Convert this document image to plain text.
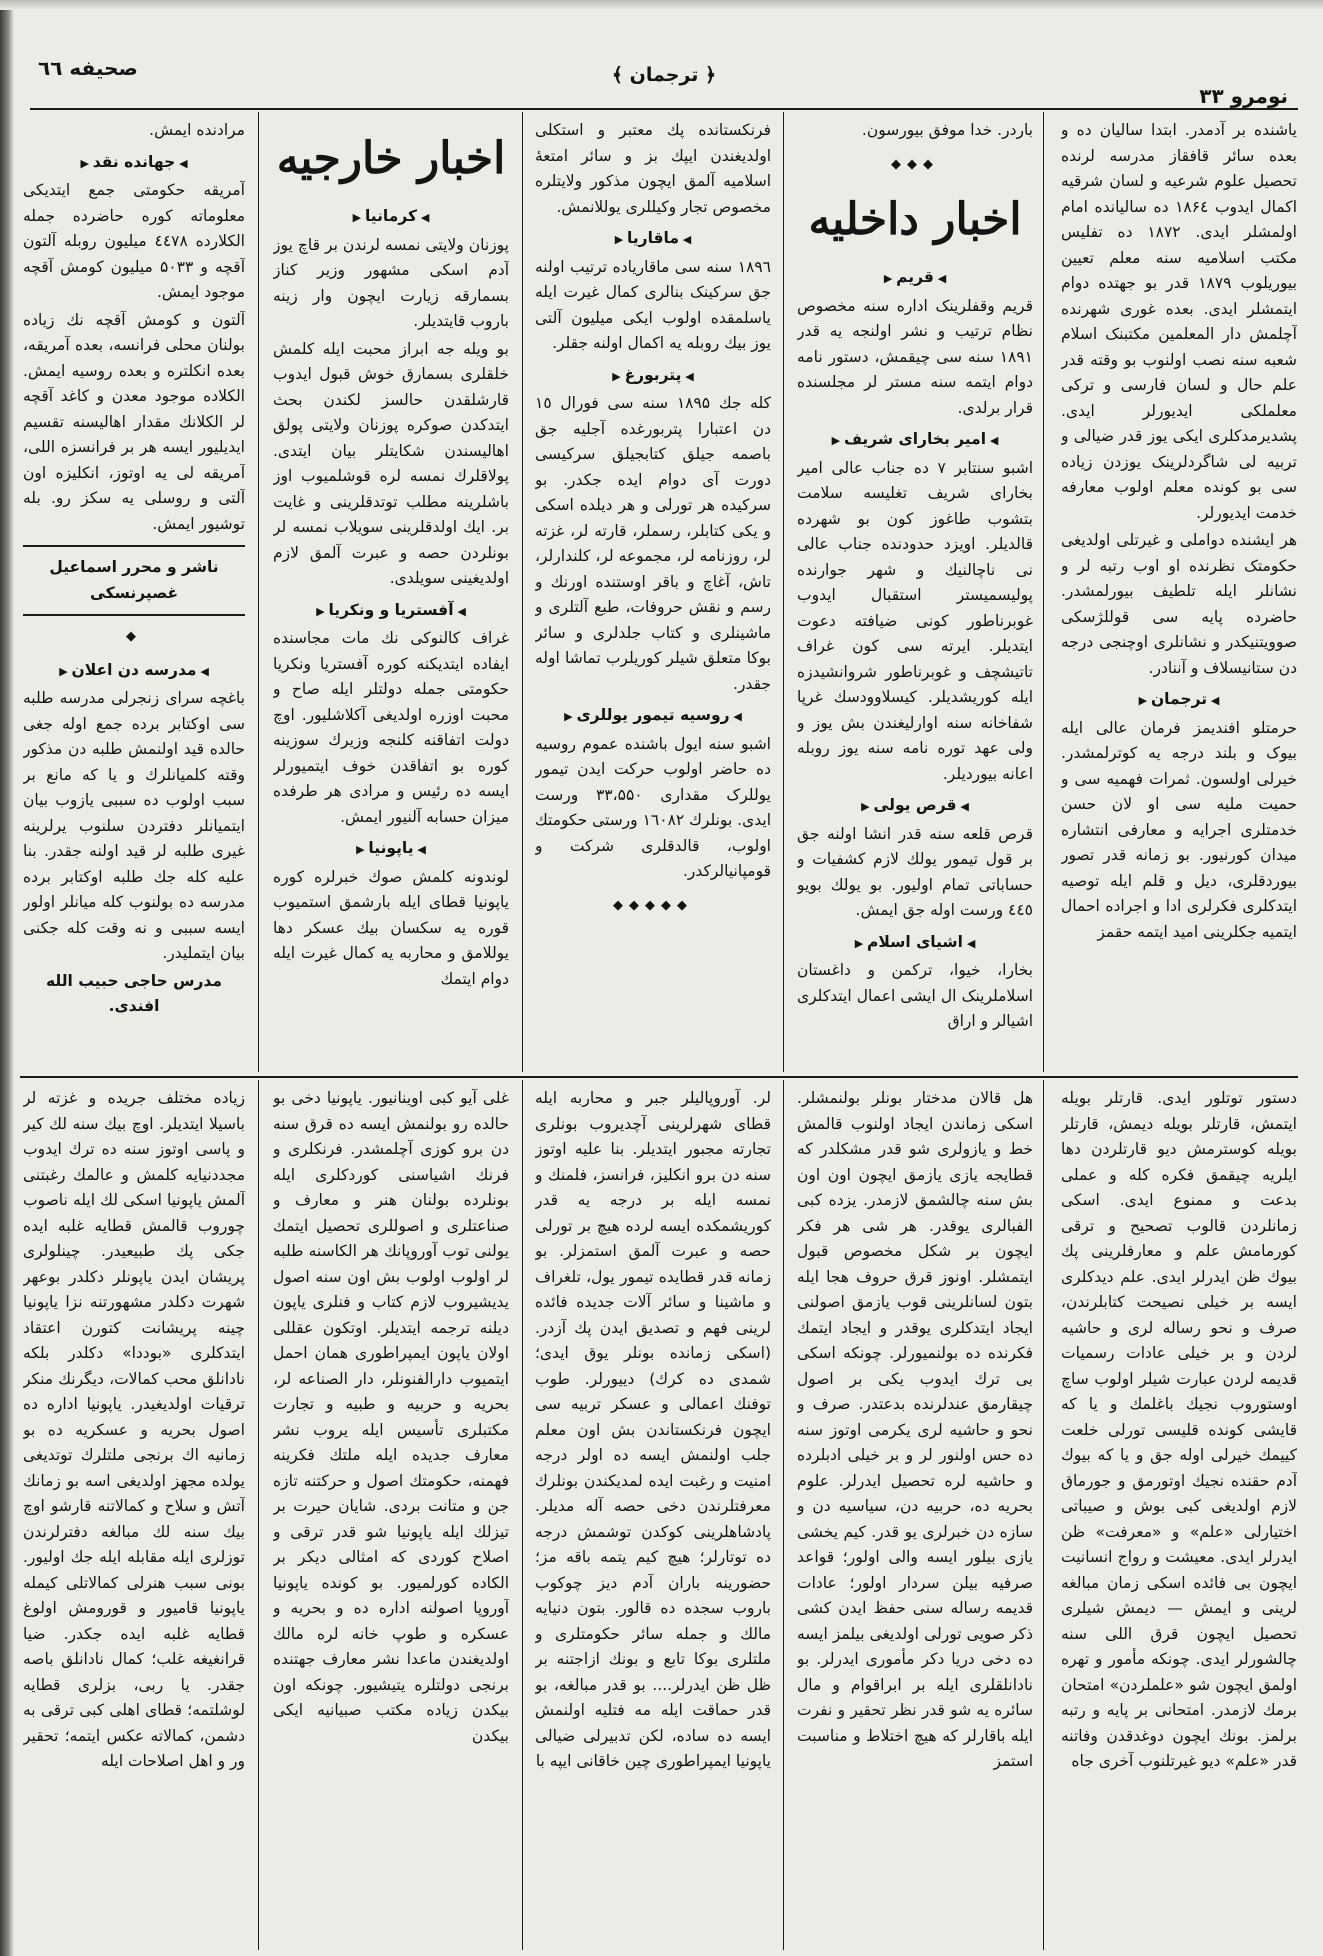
نومرو ۳۳
﴿ ترجمان ﴾
صحیفه ٦٦

یاشنده بر آدمدر. ابتدا سالیان ده و بعده سائر قافقاز مدرسه لرنده تحصیل علوم شرعیه و لسان شرقیه اکمال ایدوب ۱۸۶٤ ده سالیانده امام اولمشلر ایدی. ۱۸۷۲ ده تفلیس مکتب اسلامیه سنه معلم تعیین بیوریلوب ۱۸۷۹ قدر بو جهتده دوام ایتمشلر ایدی. بعده غوری شهرنده آچلمش دار المعلمین مکتبنک اسلام شعبه سنه نصب اولنوب بو وقته قدر علم حال و لسان فارسی و ترکی معلملکی ایدیورلر ایدی. پشدیرمدکلری ایکی یوز قدر ضیالی و تربیه لی شاگردلرینک یوزدن زیاده سی بو کونده معلم اولوب معارفه خدمت ایدیورلر.

هر ایشنده دواملی و غیرتلی اولدیغی حکومتک نظرنده او اوب رتبه لر و نشانلر ایله تلطیف بیورلمشدر. حاضرده پایه سی قوللژسکی صوویتنیکدر و نشانلری اوچنجی درجه دن ستانیسلاف و آننادر.

◀ ترجمان ▶

حرمتلو افندیمز فرمان عالی ایله بیوک و بلند درجه یه کوترلمشدر. خیرلی اولسون. ثمرات فهمیه سی و حمیت ملیه سی او لان حسن خدمتلری اجرایه و معارفی انتشاره میدان کورنیور. بو زمانه قدر تصور بیوردقلری، دیل و قلم ایله توصیه ایتدکلری فکرلری ادا و اجراده احمال ایتمیه جکلرینی امید ایتمه حقمز

باردر. خدا موفق بیورسون.

◆◆◆
اخبار داخلیه
◀ قریم ▶

قریم وقفلرینک اداره سنه مخصوص نظام ترتیب و نشر اولنجه یه قدر ۱۸۹۱ سنه سی چیقمش، دستور نامه دوام ایتمه سنه مستر لر مجلسنده قرار برلدی.

◀ امیر بخارای شریف ▶

اشبو سنتابر ۷ ده جناب عالی امیر بخارای شریف تغلیسه سلامت بتشوب طاغوز کون بو شهرده قالدیلر. اویزد حدودنده جناب عالی نی ناچالنیك و شهر جوارنده پولیسمیستر استقبال ایدوب غوبرناطور کونی ضیافته دعوت ایتدیلر. ایرته سی کون غراف تاتیشچف و غوبرناطور شروانشیدزه ایله کوریشدیلر. کیسلاوودسك غرپا شفاخانه سنه اوارلیغندن بش یوز و ولی عهد توره نامه سنه یوز روبله اعانه بیوردیلر.

◀ قرص یولی ▶

قرص قلعه سنه قدر انشا اولنه جق بر قول تیمور یولك لازم کشفیات و حساباتی تمام اولیور. بو یولك بویو ٤٤٥ ورست اوله جق ایمش.

◀ اشیای اسلام ▶

بخارا، خیوا، ترکمن و داغستان اسلاملرینک ال ایشی اعمال ایتدکلری اشیالر و اراق

فرنکستانده پك معتبر و استکلی اولدیغندن ایپك بز و سائر امتعهٔ اسلامیه آلمق ایچون مذکور ولایتلره مخصوص تجار وکیللری یوللانمش.

◀ ماقاریا ▶

۱۸۹٦ سنه سی ماقاریاده ترتیب اولنه جق سرکینک بنالری کمال غیرت ایله یاسلمقده اولوب ایکی میلیون آلتی یوز بیك روبله یه اکمال اولنه جقلر.

◀ پتربورغ ▶

کله جك ۱۸۹۵ سنه سی فورال ١٥ دن اعتبارا پتربورغده آجلیه جق باصمه جیلق کتابجیلق سرکیسی دورت آی دوام ایده جکدر. بو سرکیده هر تورلی و هر دیلده اسکی و یکی کتابلر، رسملر، قارته لر، غزته لر، روزنامه لر، مجموعه لر، کلندارلر، تاش، آغاچ و باقر اوستنده اورنك و رسم و نقش حروفات، طبع آلتلری و ماشینلری و کتاب جلدلری و سائر بوکا متعلق شیلر کوریلرب تماشا اوله جقدر.

◀ روسیه تیمور یوللری ▶

اشبو سنه ایول باشنده عموم روسیه ده حاضر اولوب حرکت ایدن تیمور یوللرک مقداری ۳۳،۵۵۰ ورست ایدی. بونلرك ۱٦۰۸۲ ورستی حکومتك اولوب، قالدقلری شرکت و قومپانیالرکدر.

◆◆◆◆◆
اخبار خارجیه
◀ کرمانیا ▶

پوزنان ولایتی نمسه لرندن بر قاچ یوز آدم اسکی مشهور وزیر کناز بسمارقه زیارت ایچون وار زینه باروب قایتدیلر.

بو ویله جه ابراز محبت ایله کلمش خلقلری بسمارق خوش قبول ایدوب قارشلقدن حالسز لکندن بحث ایتدکدن صوکره پوزنان ولایتی پولق اهالیسندن شکایتلر بیان ایتدی. پولاقلرك نمسه لره قوشلمیوب اوز باشلرینه مطلب توتدقلرینی و غایت بر. ایك اولدقلرینی سویلاب نمسه لر بونلردن حصه و عبرت آلمق لازم اولدیغینی سویلدی.

◀ آفستریا و ونکریا ▶

غراف کالنوکی نك مات مجاسنده ایفاده ایتدیکنه کوره آفستریا ونکریا حکومتی جمله دولتلر ایله صاح و محبت اوزره اولدیغی آکلاشلیور. اوچ دولت اتفاقنه کلنجه وزیرك سوزینه کوره بو اتفاقدن خوف ایتمیورلر ایسه ده رئیس و مرادی هر طرفده میزان حسابه آلنیور ایمش.

◀ یاپونیا ▶

لوندونه کلمش صوك خبرلره کوره یاپونیا قطای ایله بارشمق استمیوب قوره یه سکسان بیك عسکر دها یوللامق و محاربه یه کمال غیرت ایله دوام ایتمك

مرادنده ایمش.

◀ جهانده نقد ▶

آمریقه حکومتی جمع ایتدیکی معلوماته کوره حاضرده جمله الکلارده ٤٤۷۸ میلیون روبله آلتون آقچه و ۵۰۳۳ میلیون کومش آقچه موجود ایمش.

آلتون و کومش آقچه نك زیاده بولنان محلی فرانسه، بعده آمریقه، بعده انکلتره و بعده روسیه ایمش. الکلاده موجود معدن و کاغد آقچه لر الکلانك مقدار اهالیسنه تقسیم ایدیلیور ایسه هر بر فرانسزه اللی، آمریقه لی یه اوتوز، انکلیزه اون آلتی و روسلی یه سکز رو. بله توشیور ایمش.

ناشر و محرر اسماعیل غصپرنسکی
◆
◀ مدرسه دن اعلان ▶

باغچه سرای زنجرلی مدرسه طلبه سی اوکتابر برده جمع اوله جغی حالده قید اولنمش طلبه دن مذکور وقته کلمیانلرك و یا که مانع بر سبب اولوب ده سببی یازوب بیان ایتمیانلر دفتردن سلنوب یرلرینه غیری طلبه لر قید اولنه جقدر. بنا علیه کله جك طلبه اوکتابر برده مدرسه ده بولنوب کله میانلر اولور ایسه سببی و نه وقت کله جکنی بیان ایتملیدر.

مدرس حاجی حبیب الله افندی.

دستور توتلور ایدی. قارتلر بویله ایتمش، قارتلر بویله دیمش، قارتلر بویله کوسترمش دیو قارتلردن دها ایلریه چیقمق فکره کله و عملی بدعت و ممنوع ایدی. اسکی زمانلردن قالوب تصحیح و ترقی کورمامش علم و معارفلرینی پك بیوك ظن ایدرلر ایدی. علم دیدکلری ایسه بر خیلی نصیحت کتابلرندن، صرف و نحو رساله لری و حاشیه لردن و بر خیلی عادات رسمیات قدیمه لردن عبارت شیلر اولوب ساچ اوستوروب نجیك باغلمك و یا که قایشی کونده قلیسی تورلی خلعت کییمك خیرلی اوله جق و یا که بیوك آدم حقنده نجیك اوتورمق و جورماق لازم اولدیغی کبی بوش و صیباتی اختیارلی «علم» و «معرفت» ظن ایدرلر ایدی. معیشت و رواج انسانیت ایچون بی فائده اسکی زمان مبالغه لرینی و ایمش — دیمش شیلری تحصیل ایچون قرق اللی سنه چالشورلر ایدی. چونکه مأمور و تهره اولمق ایچون شو «علملردن» امتحان برمك لازمدر. امتحانی بر پایه و رتبه برلمز. بونك ایچون دوغدقدن وفاتنه قدر «علم» دیو غیرتلنوب آخری جاه

هل قالان مدختار بونلر بولنمشلر. اسکی زماندن ایجاد اولنوب قالمش خط و یازولری شو قدر مشکلدر که قطایجه یازی یازمق ایچون اون اون بش سنه چالشمق لازمدر. یزده کبی الفبالری یوقدر. هر شی هر فکر ایچون بر شکل مخصوص قبول ایتمشلر. اونوز قرق حروف هجا ایله بتون لسانلرینی قوب یازمق اصولنی ایجاد ایتدکلری یوقدر و ایجاد ایتمك فکرنده ده بولنمیورلر. چونکه اسکی بی ترك ایدوب یکی بر اصول چیقارمق عندلرنده بدعتدر. صرف و نحو و حاشیه لری یکرمی اوتوز سنه ده حس اولنور لر و بر خیلی ادبلرده و حاشیه لره تحصیل ایدرلر. علوم بحریه ده، حربیه دن، سیاسیه دن و سازه دن خبرلری یو قدر. کیم یخشی یازی بیلور ایسه والی اولور؛ قواعد صرفیه بیلن سردار اولور؛ عادات قدیمه رساله سنی حفظ ایدن کشی ذکر صویی تورلی اولدیغی بیلمز ایسه ده دخی دریا دکر مأموری ایدرلر. بو نادانلقلری ایله بر ابراقوام و مال سائره یه شو قدر نظر تحقیر و نفرت ایله باقارلر که هیچ اختلاط و مناسبت استمز

لر. آوروپالیلر جبر و محاربه ایله قطای شهرلرینی آچدیروب بونلری تجارته مجبور ایتدیلر. بنا علیه اوتوز سنه دن برو انکلیز، فرانسز، فلمنك و نمسه ایله بر درجه یه قدر کوریشمکده ایسه لرده هیچ بر تورلی حصه و عبرت آلمق استمزلر. بو زمانه قدر قطایده تیمور یول، تلغراف و ماشینا و سائر آلات جدیده فائده لرینی فهم و تصدیق ایدن پك آزدر. (اسکی زمانده بونلر یوق ایدی؛ شمدی ده کرك) دییورلر. طوب توفنك اعمالی و عسکر تربیه سی ایچون فرنکستاندن بش اون معلم جلب اولنمش ایسه ده اولر درجه امنیت و رغبت ایده لمدیکندن بونلرك معرفتلرندن دخی حصه آله مدیلر. پادشاهلرینی کوکدن توشمش درجه ده توتارلر؛ هیچ کیم یتمه باقه مز؛ حضورینه باران آدم دیز چوکوب باروب سجده ده قالور. بتون دنیایه مالك و جمله سائر حکومتلری و ملتلری بوکا تابع و بونك ازاجتنه بر ظل ظن ایدرلر.... بو قدر مبالغه، بو قدر حماقت ایله مه فتلیه اولنمش ایسه ده ساده، لکن تدبیرلی ضیالی یاپونیا ایمپراطوری چین خاقانی ایپه با

غلی آیو کبی اوینانیور. یاپونیا دخی بو حالده رو بولنمش ایسه ده قرق سنه دن برو کوزی آچلمشدر. فرنکلری و فرنك اشیاسنی کوردکلری ایله بونلرده بولنان هنر و معارف و صناعتلری و اصوللری تحصیل ایتمك یولنی توب آوروپانك هر الکاسنه طلبه لر اولوب اولوب بش اون سنه اصول یدیشیروب لازم کتاب و فنلری یاپون دیلنه ترجمه ایتدیلر. اوتکون عقللی اولان یاپون ایمپراطوری همان احمل ایتمیوب دارالفنونلر، دار الصناعه لر، بحریه و حربیه و طبیه و تجارت مکتبلری تأسیس ایله یروب نشر معارف جدیده ایله ملتك فکرینه فهمنه، حکومتك اصول و حرکتنه تازه جن و متانت بردی. شایان حیرت بر تیزلك ایله یاپونیا شو قدر ترقی و اصلاح کوردی که امثالی دیکر بر الکاده کورلمیور. بو کونده یاپونیا آوروپا اصولنه اداره ده و بحریه و عسکره و طوپ خانه لره مالك اولدیغندن ماعدا نشر معارف جهتنده برنجی دولتلره یتیشیور. چونکه اون بیکدن زیاده مکتب صبیانیه ایکی بیکدن

زیاده مختلف جریده و غزته لر باسیلا ایتدیلر. اوچ بیك سنه لك کیر و پاسی اوتوز سنه ده ترك ایدوب مجددنیایه کلمش و عالمك رغبتنی آلمش یاپونیا اسکی لك ایله ناصوب چوروب قالمش قطایه غلبه ایده جکی پك طبیعیدر. چینلولری پریشان ایدن یاپونلر دکلدر بوعهر شهرت دکلدر مشهورتنه نزا یاپونیا چینه پریشانت کتورن اعتقاد ایتدکلری «بوددا» دکلدر بلکه نادانلق محب کمالات، دیگرنك منکر ترقیات اولدیغیدر. یاپونیا اداره ده اصول بحریه و عسکریه ده بو زمانیه اك برنجی ملتلرك توتدیغی یولده مجهز اولدیغی اسه بو زمانك آتش و سلاح و کمالاتنه قارشو اوچ بیك سنه لك مبالغه دفترلرندن توزلری ایله مقابله ایله جك اولیور. بونی سبب هنرلی کمالاتلی کیمله یاپونیا قامیور و قورومش اولوغ قطایه غلبه ایده جکدر. ضیا قرانغیغه غلب؛ کمال نادانلق باصه جقدر. یا ربی، بزلری قطایه لوشلتمه؛ قطای اهلی کبی ترقی به دشمن، کمالاته عکس ایتمه؛ تحقیر ور و اهل اصلاحات ایله
